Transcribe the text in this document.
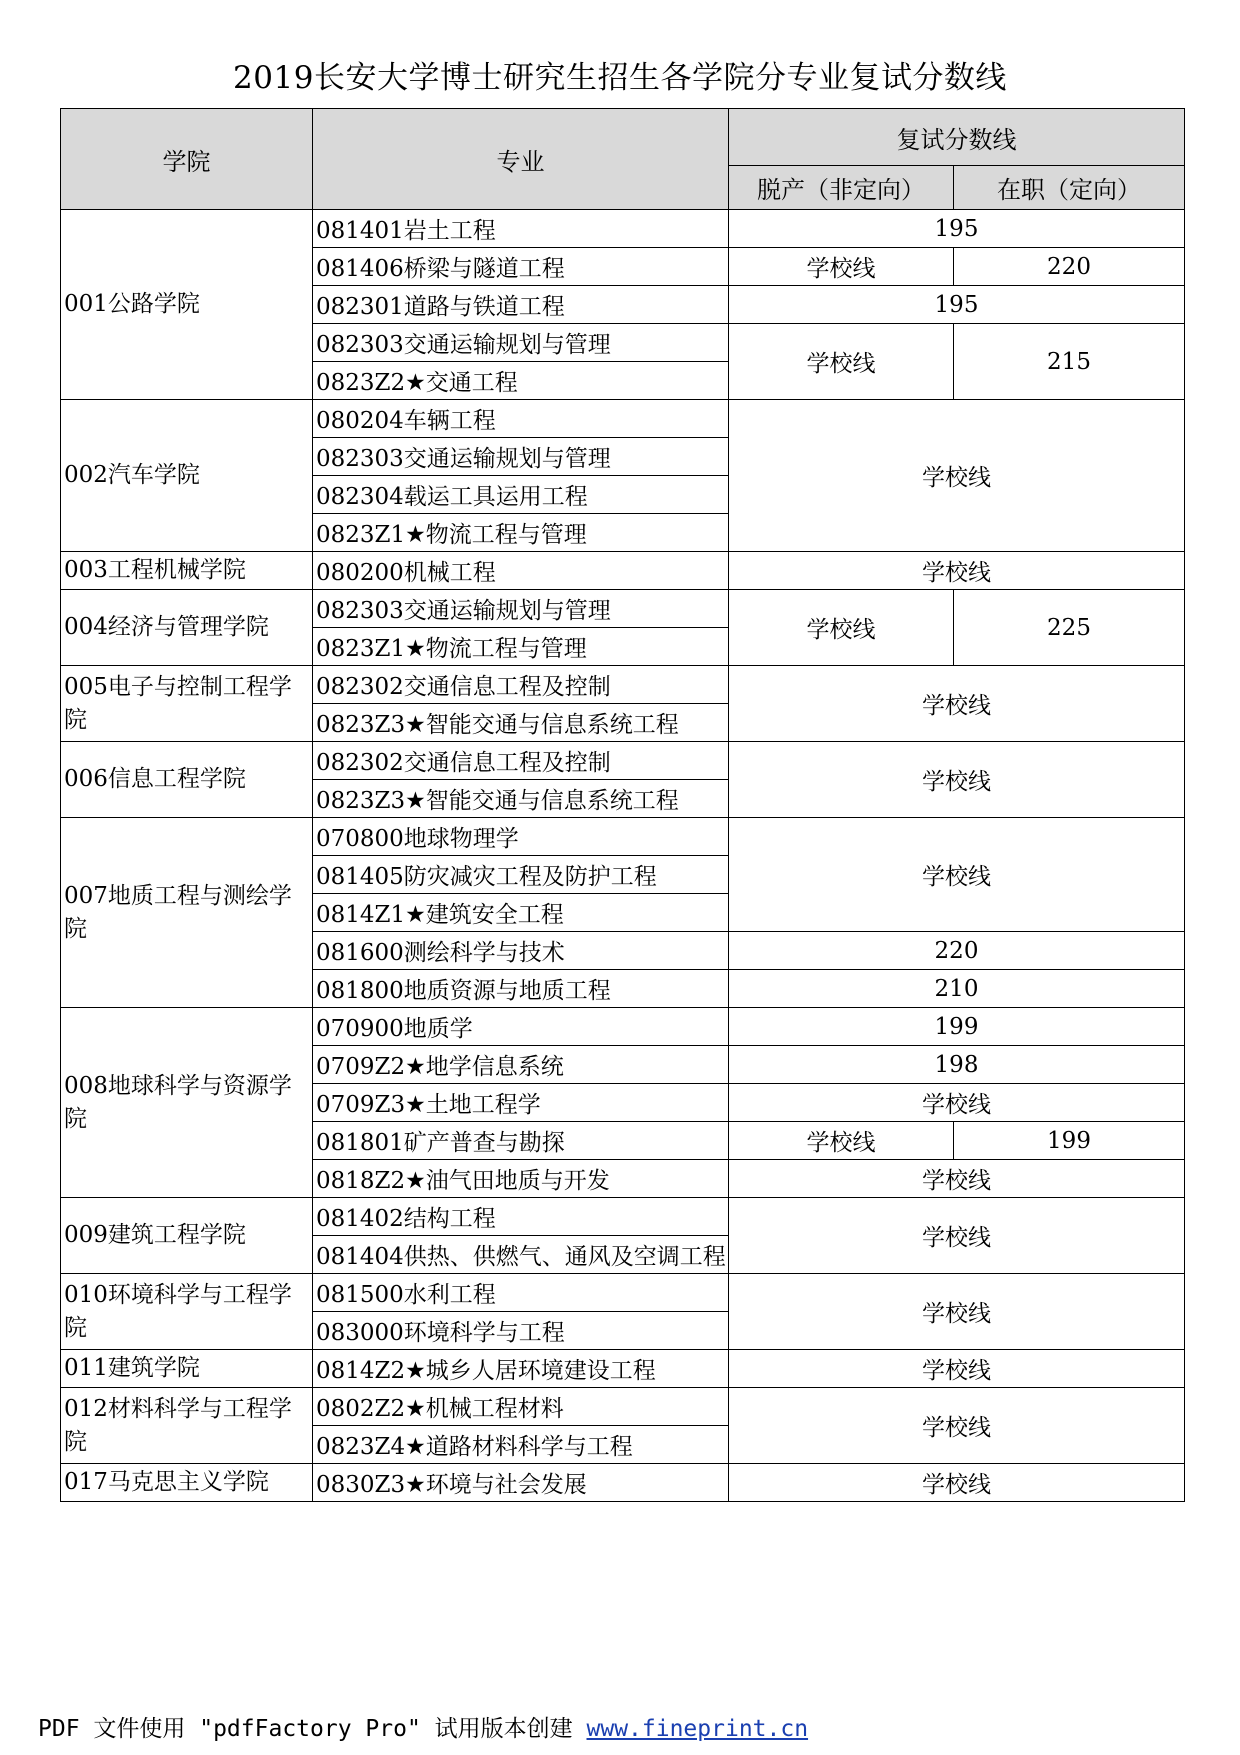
2019长安大学博士研究生招生各学院分专业复试分数线
学院	专业	复试分数线	
		脱产（非定向）	在职（定向）
001公路学院	081401岩土工程	195	
	081406桥梁与隧道工程	学校线	220
	082301道路与铁道工程	195	
	082303交通运输规划与管理	学校线	215
	0823Z2★交通工程		
002汽车学院	080204车辆工程	学校线	
	082303交通运输规划与管理		
	082304载运工具运用工程		
	0823Z1★物流工程与管理		
003工程机械学院	080200机械工程	学校线	
004经济与管理学院	082303交通运输规划与管理	学校线	225
	0823Z1★物流工程与管理		
005电子与控制工程学院	082302交通信息工程及控制	学校线	
	0823Z3★智能交通与信息系统工程		
006信息工程学院	082302交通信息工程及控制	学校线	
	0823Z3★智能交通与信息系统工程		
007地质工程与测绘学院	070800地球物理学	学校线	
	081405防灾减灾工程及防护工程		
	0814Z1★建筑安全工程		
	081600测绘科学与技术	220	
	081800地质资源与地质工程	210	
008地球科学与资源学院	070900地质学	199	
	0709Z2★地学信息系统	198	
	0709Z3★土地工程学	学校线	
	081801矿产普查与勘探	学校线	199
	0818Z2★油气田地质与开发	学校线	
009建筑工程学院	081402结构工程	学校线	
	081404供热、供燃气、通风及空调工程		
010环境科学与工程学院	081500水利工程	学校线	
	083000环境科学与工程		
011建筑学院	0814Z2★城乡人居环境建设工程	学校线	
012材料科学与工程学院	0802Z2★机械工程材料	学校线	
	0823Z4★道路材料科学与工程		
017马克思主义学院	0830Z3★环境与社会发展	学校线	
PDF 文件使用 "pdfFactory Pro" 试用版本创建 www.fineprint.cn
